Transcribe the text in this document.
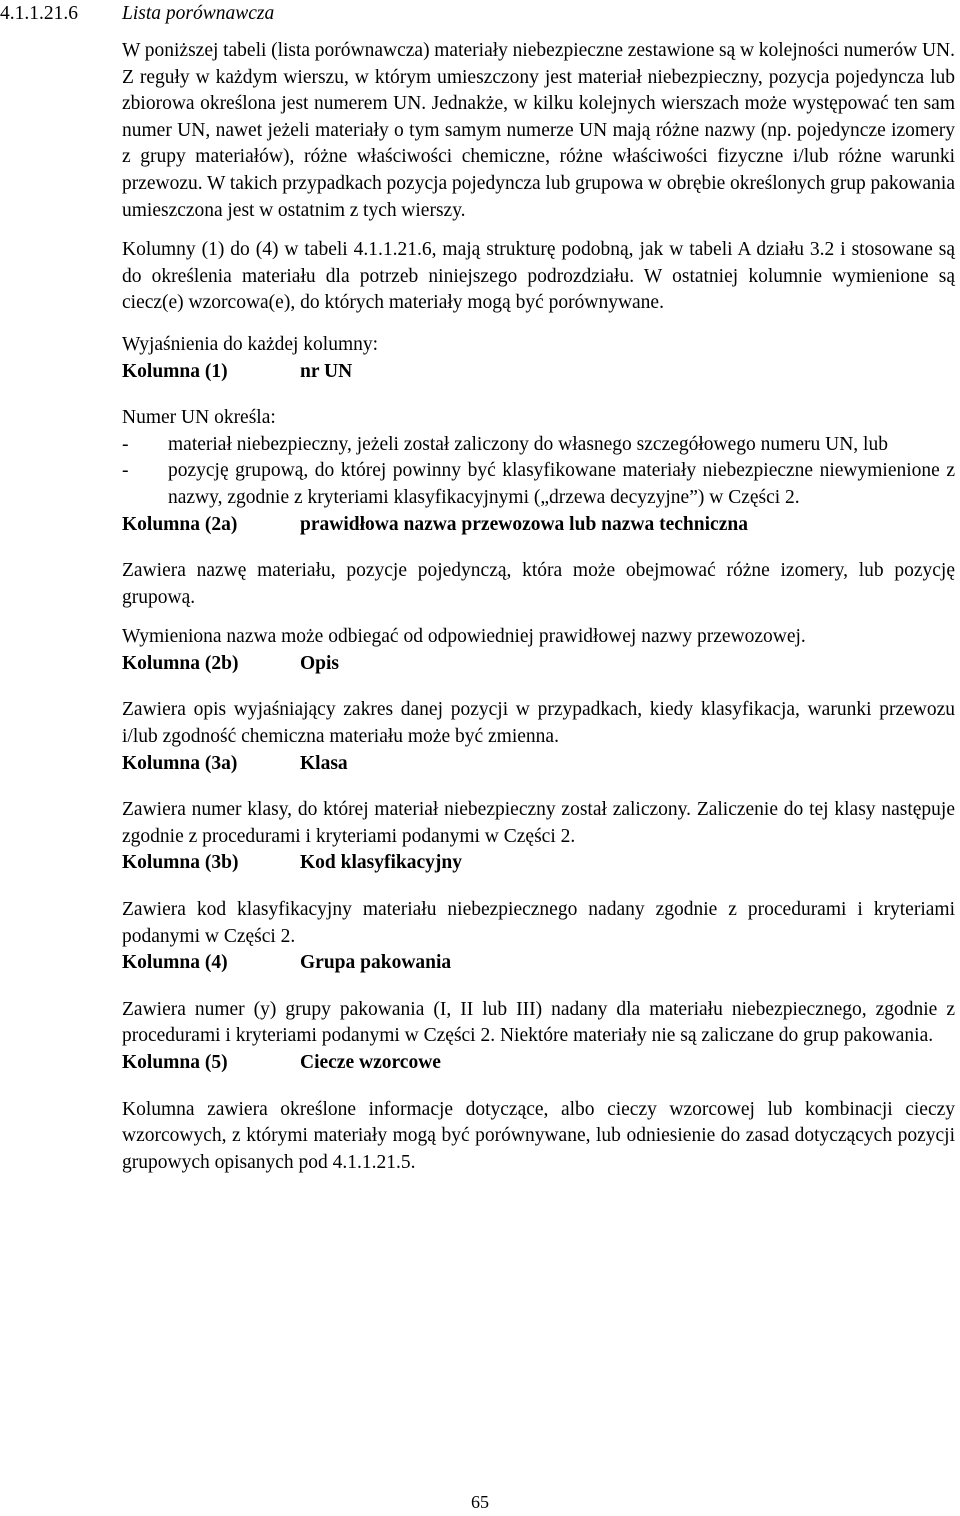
4.1.1.21.6 Lista porównawcza

W poniższej tabeli (lista porównawcza) materiały niebezpieczne zestawione są w kolejności numerów UN. Z reguły w każdym wierszu, w którym umieszczony jest materiał niebezpieczny, pozycja pojedyncza lub zbiorowa określona jest numerem UN. Jednakże, w kilku kolejnych wierszach może występować ten sam numer UN, nawet jeżeli materiały o tym samym numerze UN mają różne nazwy (np. pojedyncze izomery z grupy materiałów), różne właściwości chemiczne, różne właściwości fizyczne i/lub różne warunki przewozu. W takich przypadkach pozycja pojedyncza lub grupowa w obrębie określonych grup pakowania umieszczona jest w ostatnim z tych wierszy.

Kolumny (1) do (4) w tabeli 4.1.1.21.6, mają strukturę podobną, jak w tabeli A działu 3.2 i stosowane są do określenia materiału dla potrzeb niniejszego podrozdziału. W ostatniej kolumnie wymienione są ciecz(e) wzorcowa(e), do których materiały mogą być porównywane.

Wyjaśnienia do każdej kolumny:

Kolumna (1)	nr UN

Numer UN określa:

-	materiał niebezpieczny, jeżeli został zaliczony do własnego szczegółowego numeru UN, lub
-	pozycję grupową, do której powinny być klasyfikowane materiały niebezpieczne niewymienione z nazwy, zgodnie z kryteriami klasyfikacyjnymi („drzewa decyzyjne”) w Części 2.
Kolumna (2a)	prawidłowa nazwa przewozowa lub nazwa techniczna

Zawiera nazwę materiału, pozycje pojedynczą, która może obejmować różne izomery, lub pozycję grupową.

Wymieniona nazwa może odbiegać od odpowiedniej prawidłowej nazwy przewozowej.

Kolumna (2b)	Opis

Zawiera opis wyjaśniający zakres danej pozycji w przypadkach, kiedy klasyfikacja, warunki przewozu i/lub zgodność chemiczna materiału może być zmienna.

Kolumna (3a)	Klasa

Zawiera numer klasy, do której materiał niebezpieczny został zaliczony. Zaliczenie do tej klasy następuje zgodnie z procedurami i kryteriami podanymi w Części 2.

Kolumna (3b)	Kod klasyfikacyjny

Zawiera kod klasyfikacyjny materiału niebezpiecznego nadany zgodnie z procedurami i kryteriami podanymi w Części 2.

Kolumna (4)	Grupa pakowania

Zawiera numer (y) grupy pakowania (I, II lub III) nadany dla materiału niebezpiecznego, zgodnie z procedurami i kryteriami podanymi w Części 2. Niektóre materiały nie są zaliczane do grup pakowania.

Kolumna (5)	Ciecze wzorcowe

Kolumna zawiera określone informacje dotyczące, albo cieczy wzorcowej lub kombinacji cieczy wzorcowych, z którymi materiały mogą być porównywane, lub odniesienie do zasad dotyczących pozycji grupowych opisanych pod 4.1.1.21.5.

65
